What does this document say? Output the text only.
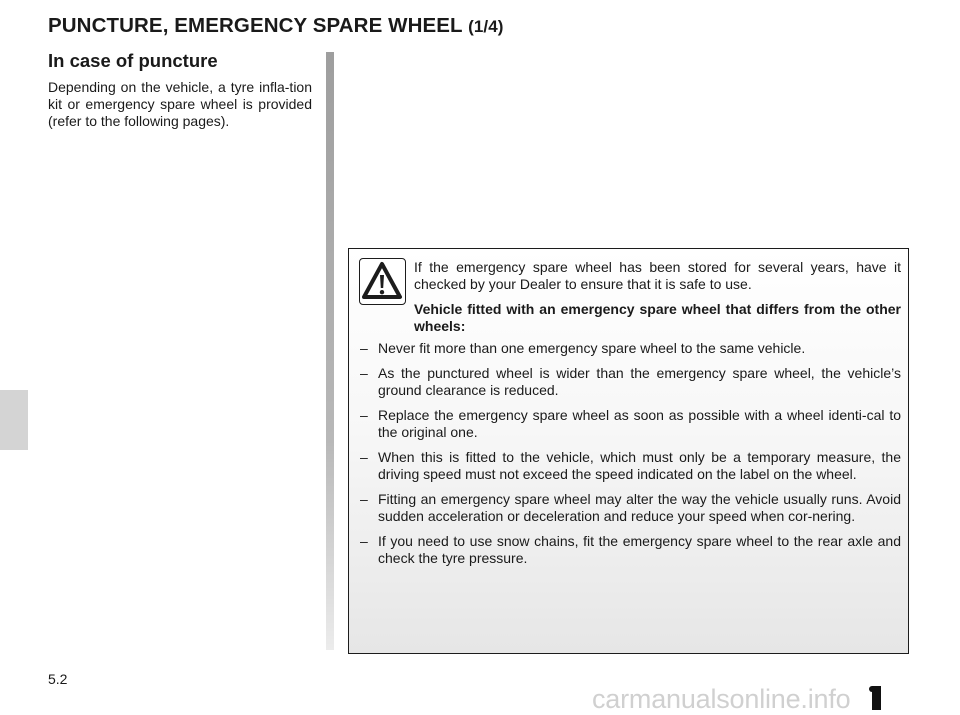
PUNCTURE, EMERGENCY SPARE WHEEL (1/4)
In case of puncture
Depending on the vehicle, a tyre infla-tion kit or emergency spare wheel is provided (refer to the following pages).

If the emergency spare wheel has been stored for several years, have it checked by your Dealer to ensure that it is safe to use.

Vehicle fitted with an emergency spare wheel that differs from the other wheels:

– Never fit more than one emergency spare wheel to the same vehicle.
– As the punctured wheel is wider than the emergency spare wheel, the vehicle’s ground clearance is reduced.
– Replace the emergency spare wheel as soon as possible with a wheel identi-cal to the original one.
– When this is fitted to the vehicle, which must only be a temporary measure, the driving speed must not exceed the speed indicated on the label on the wheel.
– Fitting an emergency spare wheel may alter the way the vehicle usually runs. Avoid sudden acceleration or deceleration and reduce your speed when cor-nering.
– If you need to use snow chains, fit the emergency spare wheel to the rear axle and check the tyre pressure.
5.2
carmanualsonline.info
